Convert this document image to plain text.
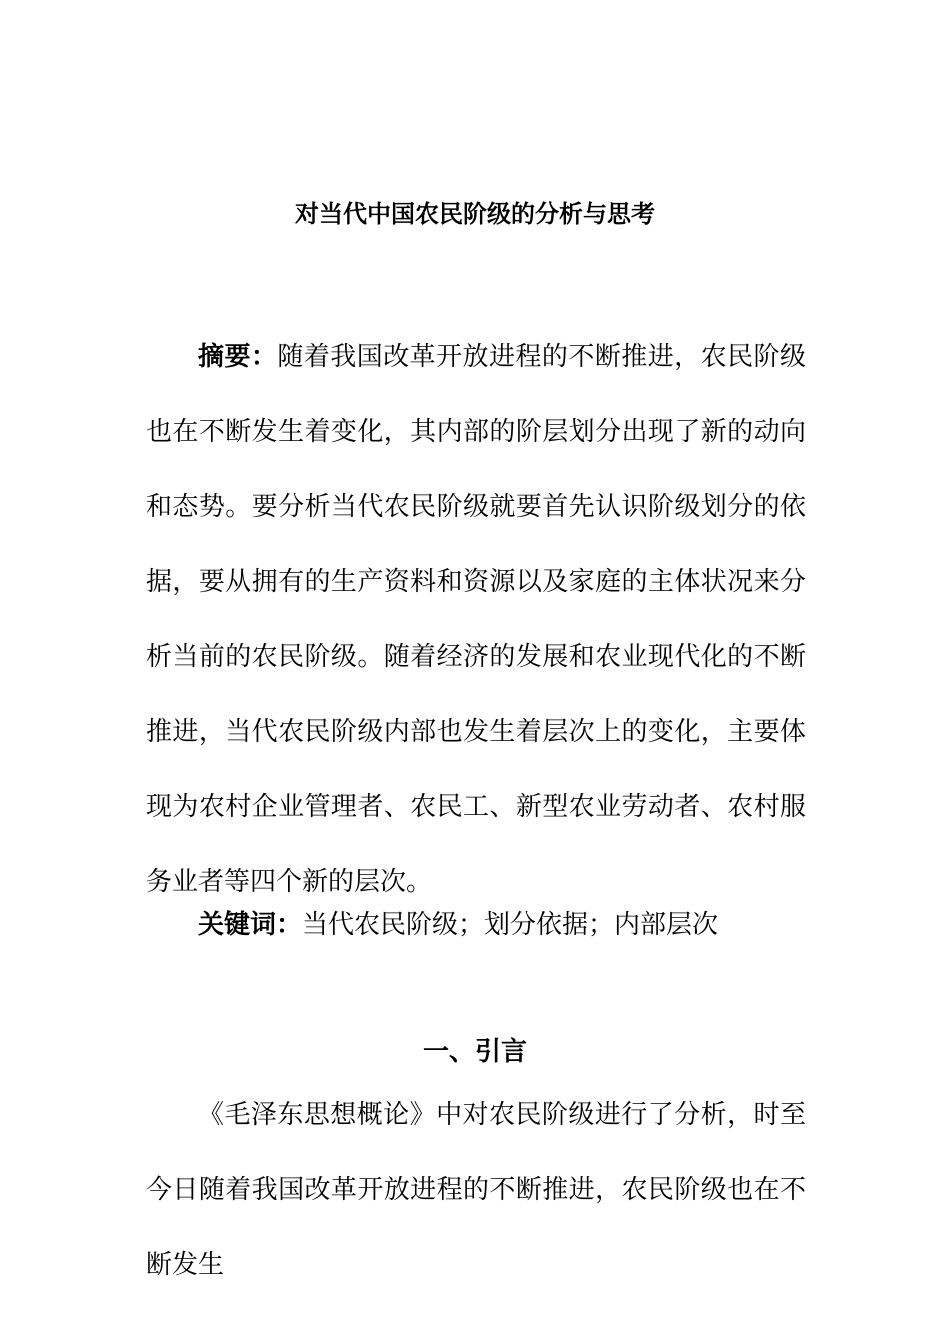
对当代中国农民阶级的分析与思考

摘要：随着我国改革开放进程的不断推进，农民阶级也在不断发生着变化，其内部的阶层划分出现了新的动向和态势。要分析当代农民阶级就要首先认识阶级划分的依据，要从拥有的生产资料和资源以及家庭的主体状况来分析当前的农民阶级。随着经济的发展和农业现代化的不断推进，当代农民阶级内部也发生着层次上的变化，主要体现为农村企业管理者、农民工、新型农业劳动者、农村服务业者等四个新的层次。

关键词：当代农民阶级；划分依据；内部层次

一、引言

《毛泽东思想概论》中对农民阶级进行了分析，时至今日随着我国改革开放进程的不断推进，农民阶级也在不断发生
